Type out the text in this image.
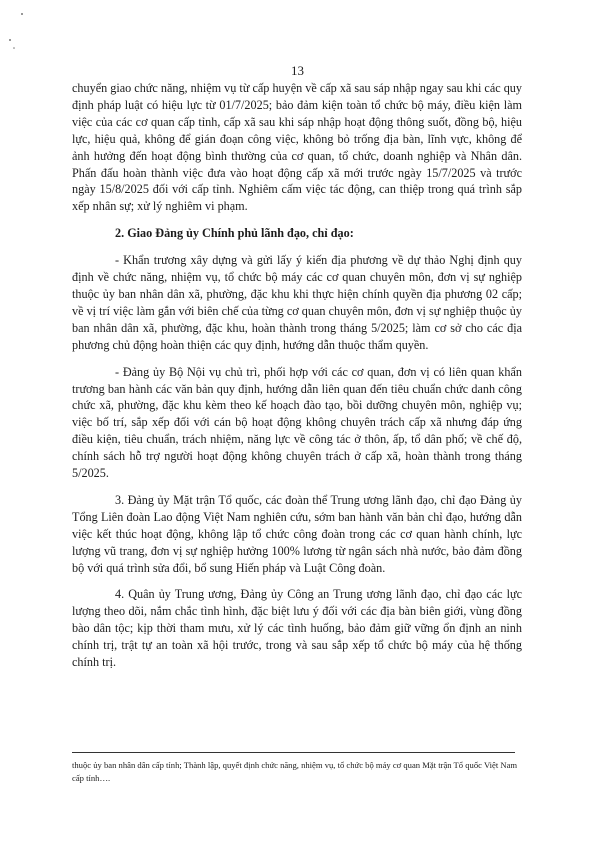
13

chuyển giao chức năng, nhiệm vụ từ cấp huyện về cấp xã sau sáp nhập ngay sau khi các quy định pháp luật có hiệu lực từ 01/7/2025; bảo đảm kiện toàn tổ chức bộ máy, điều kiện làm việc của các cơ quan cấp tỉnh, cấp xã sau khi sáp nhập hoạt động thông suốt, đồng bộ, hiệu lực, hiệu quả, không để gián đoạn công việc, không bỏ trống địa bàn, lĩnh vực, không để ảnh hưởng đến hoạt động bình thường của cơ quan, tổ chức, doanh nghiệp và Nhân dân. Phấn đấu hoàn thành việc đưa vào hoạt động cấp xã mới trước ngày 15/7/2025 và trước ngày 15/8/2025 đối với cấp tỉnh. Nghiêm cấm việc tác động, can thiệp trong quá trình sắp xếp nhân sự; xử lý nghiêm vi phạm.

2. Giao Đảng ủy Chính phủ lãnh đạo, chỉ đạo:

- Khẩn trương xây dựng và gửi lấy ý kiến địa phương về dự thảo Nghị định quy định về chức năng, nhiệm vụ, tổ chức bộ máy các cơ quan chuyên môn, đơn vị sự nghiệp thuộc ủy ban nhân dân xã, phường, đặc khu khi thực hiện chính quyền địa phương 02 cấp; về vị trí việc làm gắn với biên chế của từng cơ quan chuyên môn, đơn vị sự nghiệp thuộc ủy ban nhân dân xã, phường, đặc khu, hoàn thành trong tháng 5/2025; làm cơ sở cho các địa phương chủ động hoàn thiện các quy định, hướng dẫn thuộc thẩm quyền.

- Đảng ủy Bộ Nội vụ chủ trì, phối hợp với các cơ quan, đơn vị có liên quan khẩn trương ban hành các văn bản quy định, hướng dẫn liên quan đến tiêu chuẩn chức danh công chức xã, phường, đặc khu kèm theo kế hoạch đào tạo, bồi dưỡng chuyên môn, nghiệp vụ; việc bố trí, sắp xếp đối với cán bộ hoạt động không chuyên trách cấp xã nhưng đáp ứng điều kiện, tiêu chuẩn, trách nhiệm, năng lực về công tác ở thôn, ấp, tổ dân phố; về chế độ, chính sách hỗ trợ người hoạt động không chuyên trách ở cấp xã, hoàn thành trong tháng 5/2025.

3. Đảng ủy Mặt trận Tổ quốc, các đoàn thể Trung ương lãnh đạo, chỉ đạo Đảng ủy Tổng Liên đoàn Lao động Việt Nam nghiên cứu, sớm ban hành văn bản chỉ đạo, hướng dẫn việc kết thúc hoạt động, không lập tổ chức công đoàn trong các cơ quan hành chính, lực lượng vũ trang, đơn vị sự nghiệp hưởng 100% lương từ ngân sách nhà nước, bảo đảm đồng bộ với quá trình sửa đổi, bổ sung Hiến pháp và Luật Công đoàn.

4. Quân ủy Trung ương, Đảng ủy Công an Trung ương lãnh đạo, chỉ đạo các lực lượng theo dõi, nắm chắc tình hình, đặc biệt lưu ý đối với các địa bàn biên giới, vùng đồng bào dân tộc; kịp thời tham mưu, xử lý các tình huống, bảo đảm giữ vững ổn định an ninh chính trị, trật tự an toàn xã hội trước, trong và sau sắp xếp tổ chức bộ máy của hệ thống chính trị.

thuộc ủy ban nhân dân cấp tỉnh; Thành lập, quyết định chức năng, nhiệm vụ, tổ chức bộ máy cơ quan Mặt trận Tổ quốc Việt Nam cấp tỉnh….
